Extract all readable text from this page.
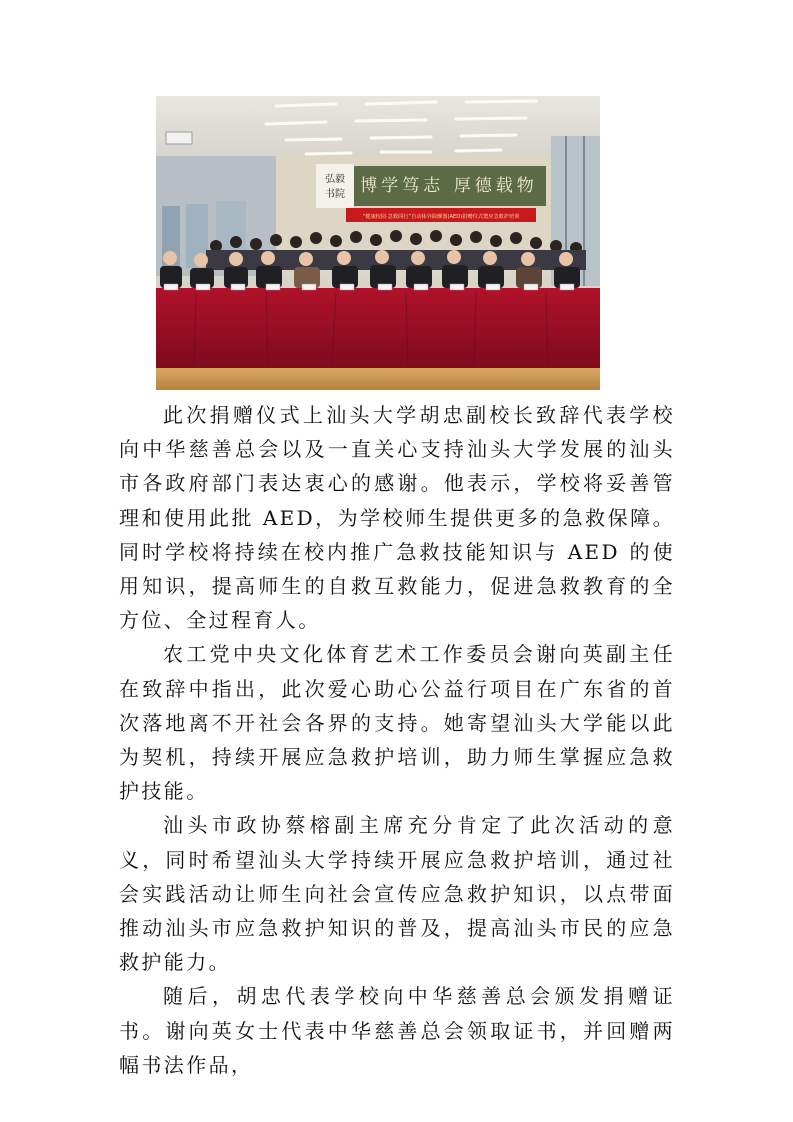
弘毅
书院 博学笃志 厚德载物
“健康校园·急救同行”自动体外除颤器(AED)捐赠仪式暨应急救护培训

此次捐赠仪式上汕头大学胡忠副校长致辞代表学校向中华慈善总会以及一直关心支持汕头大学发展的汕头市各政府部门表达衷心的感谢。他表示，学校将妥善管理和使用此批 AED，为学校师生提供更多的急救保障。同时学校将持续在校内推广急救技能知识与 AED 的使用知识，提高师生的自救互救能力，促进急救教育的全方位、全过程育人。

农工党中央文化体育艺术工作委员会谢向英副主任在致辞中指出，此次爱心助心公益行项目在广东省的首次落地离不开社会各界的支持。她寄望汕头大学能以此为契机，持续开展应急救护培训，助力师生掌握应急救护技能。

汕头市政协蔡榕副主席充分肯定了此次活动的意义，同时希望汕头大学持续开展应急救护培训，通过社会实践活动让师生向社会宣传应急救护知识，以点带面推动汕头市应急救护知识的普及，提高汕头市民的应急救护能力。

随后，胡忠代表学校向中华慈善总会颁发捐赠证书。谢向英女士代表中华慈善总会领取证书，并回赠两幅书法作品，
